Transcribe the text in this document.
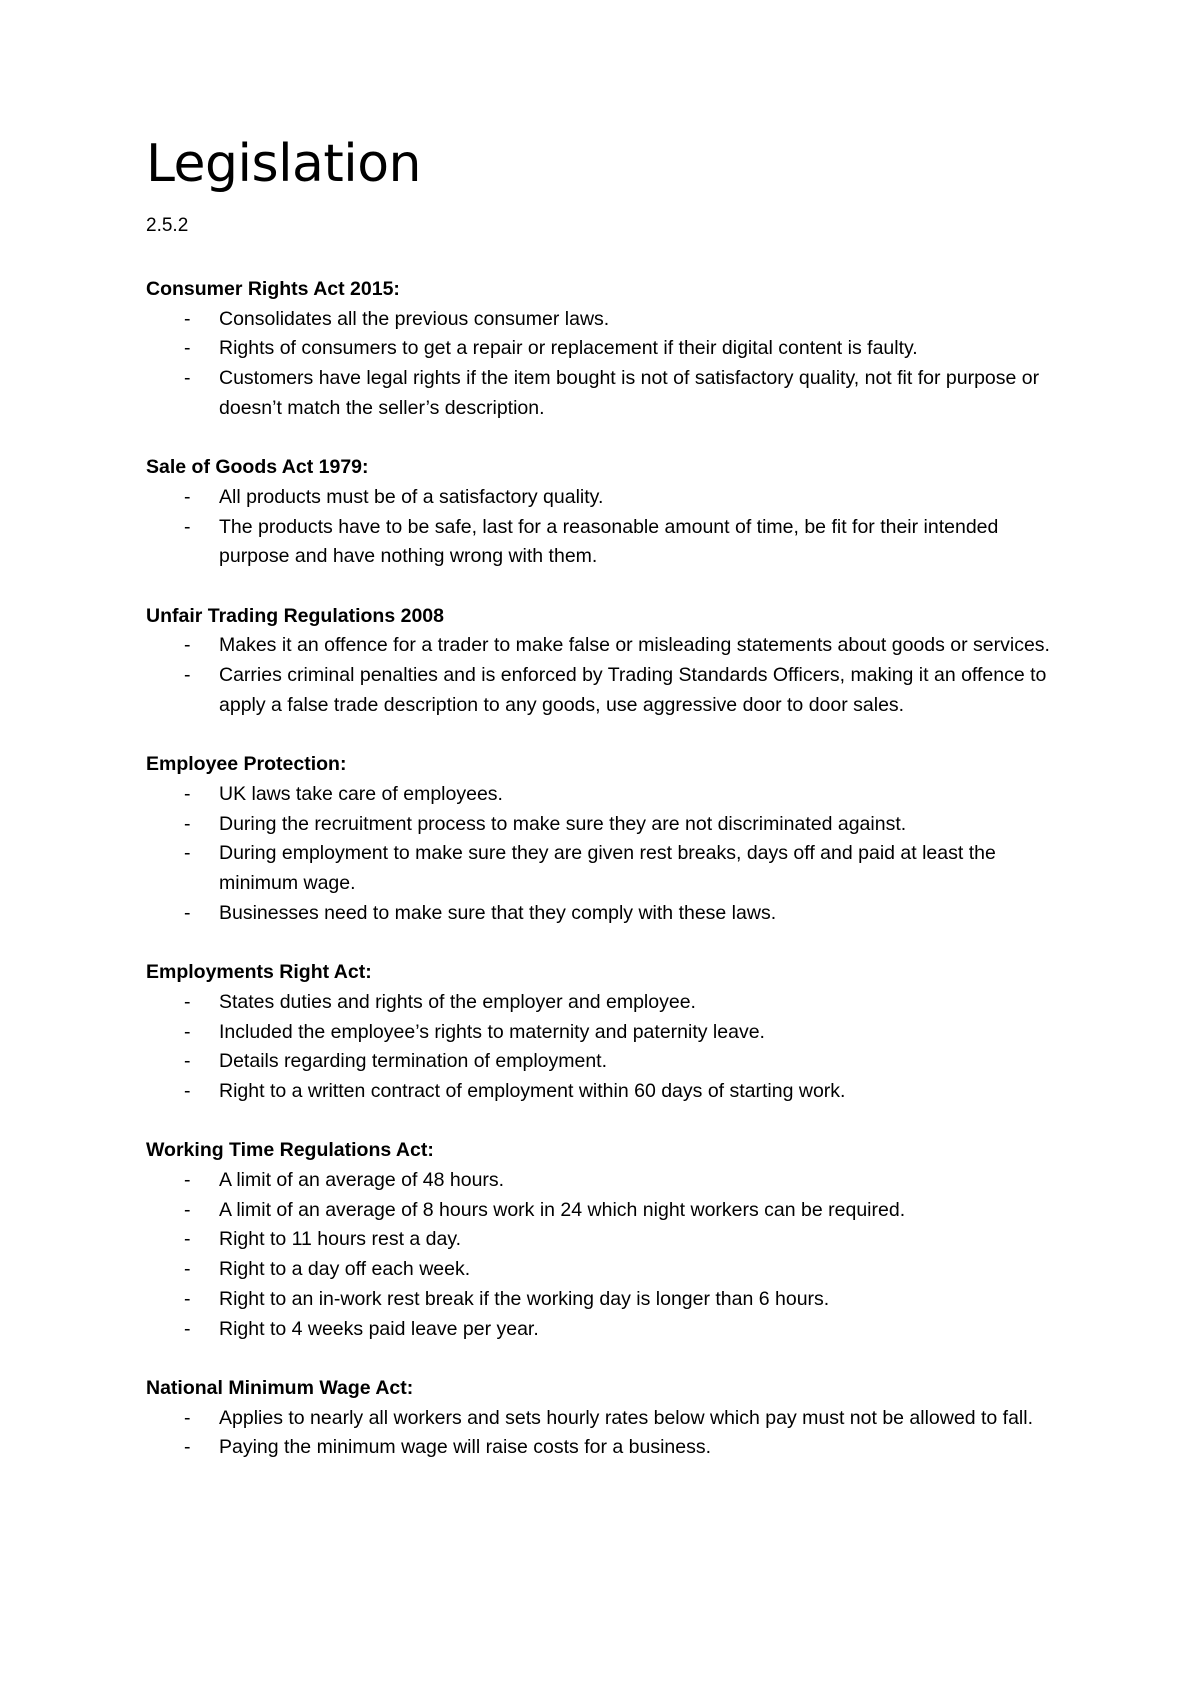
Legislation

2.5.2

Consumer Rights Act 2015:

- Consolidates all the previous consumer laws.
- Rights of consumers to get a repair or replacement if their digital content is faulty.
- Customers have legal rights if the item bought is not of satisfactory quality, not fit for purpose or doesn’t match the seller’s description.

Sale of Goods Act 1979:

- All products must be of a satisfactory quality.
- The products have to be safe, last for a reasonable amount of time, be fit for their intended purpose and have nothing wrong with them.

Unfair Trading Regulations 2008

- Makes it an offence for a trader to make false or misleading statements about goods or services.
- Carries criminal penalties and is enforced by Trading Standards Officers, making it an offence to apply a false trade description to any goods, use aggressive door to door sales.

Employee Protection:

- UK laws take care of employees.
- During the recruitment process to make sure they are not discriminated against.
- During employment to make sure they are given rest breaks, days off and paid at least the minimum wage.
- Businesses need to make sure that they comply with these laws.

Employments Right Act:

- States duties and rights of the employer and employee.
- Included the employee’s rights to maternity and paternity leave.
- Details regarding termination of employment.
- Right to a written contract of employment within 60 days of starting work.

Working Time Regulations Act:

- A limit of an average of 48 hours.
- A limit of an average of 8 hours work in 24 which night workers can be required.
- Right to 11 hours rest a day.
- Right to a day off each week.
- Right to an in-work rest break if the working day is longer than 6 hours.
- Right to 4 weeks paid leave per year.

National Minimum Wage Act:

- Applies to nearly all workers and sets hourly rates below which pay must not be allowed to fall.
- Paying the minimum wage will raise costs for a business.
